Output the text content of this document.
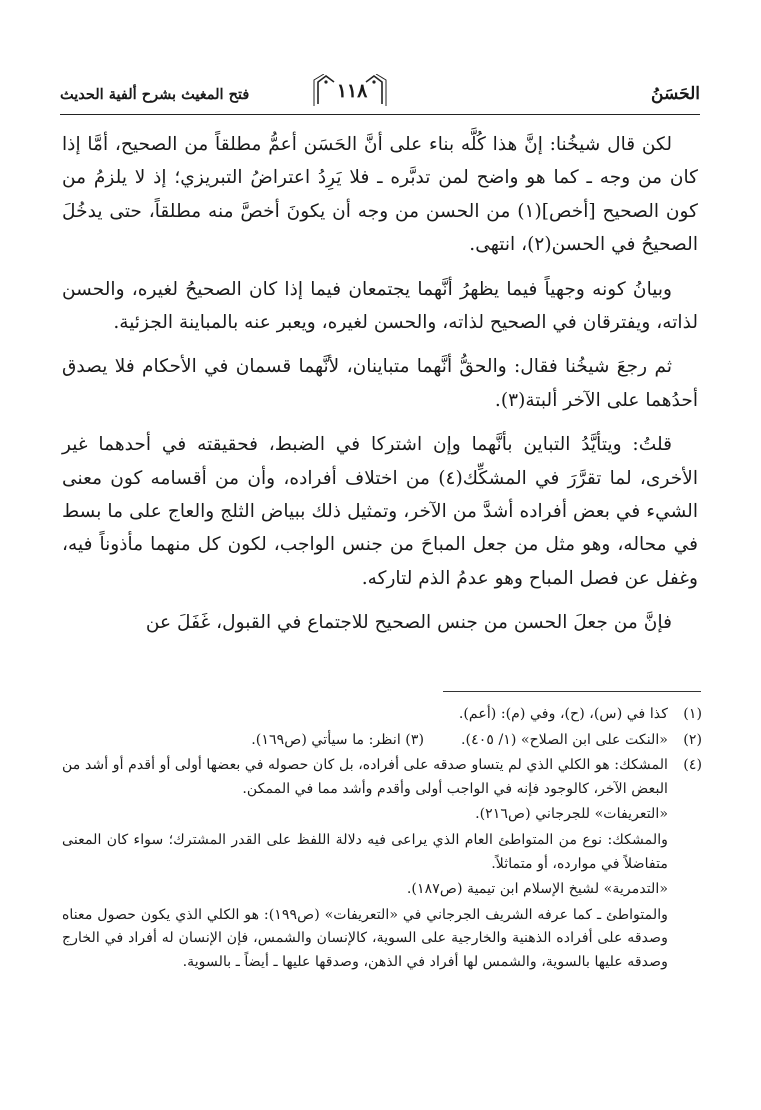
الحَسَنُ
١١٨
فتح المغيث بشرح ألفية الحديث

لكن قال شيخُنا: إنَّ هذا كُلَّه بناء على أنَّ الحَسَن أعمُّ مطلقاً من الصحيح، أمَّا إذا كان من وجه ـ كما هو واضح لمن تدبَّره ـ فلا يَرِدُ اعتراضُ التبريزي؛ إذ لا يلزمُ من كون الصحيح [أخص](١) من الحسن من وجه أن يكونَ أخصَّ منه مطلقاً، حتى يدخُلَ الصحيحُ في الحسن(٢)، انتهى.

وبيانُ كونه وجهياً فيما يظهرُ أنَّهما يجتمعان فيما إذا كان الصحيحُ لغيره، والحسن لذاته، ويفترقان في الصحيح لذاته، والحسن لغيره، ويعبر عنه بالمباينة الجزئية.

ثم رجعَ شيخُنا فقال: والحقُّ أنَّهما متباينان، لأنَّهما قسمان في الأحكام فلا يصدق أحدُهما على الآخر ألبتة(٣).

قلتُ: ويتأيَّدُ التباين بأنَّهما وإن اشتركا في الضبط، فحقيقته في أحدهما غير الأخرى، لما تقرَّرَ في المشكِّك(٤) من اختلاف أفراده، وأن من أقسامه كون معنى الشيء في بعض أفراده أشدَّ من الآخر، وتمثيل ذلك ببياض الثلج والعاج على ما بسط في محاله، وهو مثل من جعل المباحَ من جنس الواجب، لكون كل منهما مأذوناً فيه، وغفل عن فصل المباح وهو عدمُ الذم لتاركه.

فإنَّ من جعلَ الحسن من جنس الصحيح للاجتماع في القبول، غَفَلَ عن

(١)
كذا في (س)، (ح)، وفي (م): (أعم).
(٢)
«النكت على ابن الصلاح» (١/ ٤٠٥).  (٣) انظر: ما سيأتي (ص١٦٩).
(٤)
المشكك: هو الكلي الذي لم يتساو صدقه على أفراده، بل كان حصوله في بعضها أولى أو أقدم أو أشد من البعض الآخر، كالوجود فإنه في الواجب أولى وأقدم وأشد مما في الممكن.
«التعريفات» للجرجاني (ص٢١٦).
والمشكك: نوع من المتواطئ العام الذي يراعى فيه دلالة اللفظ على القدر المشترك؛ سواء كان المعنى متفاضلاً في موارده، أو متماثلاً.
«التدمرية» لشيخ الإسلام ابن تيمية (ص١٨٧).
والمتواطئ ـ كما عرفه الشريف الجرجاني في «التعريفات» (ص١٩٩): هو الكلي الذي يكون حصول معناه وصدقه على أفراده الذهنية والخارجية على السوية، كالإنسان والشمس، فإن الإنسان له أفراد في الخارج وصدقه عليها بالسوية، والشمس لها أفراد في الذهن، وصدقها عليها ـ أيضاً ـ بالسوية.
